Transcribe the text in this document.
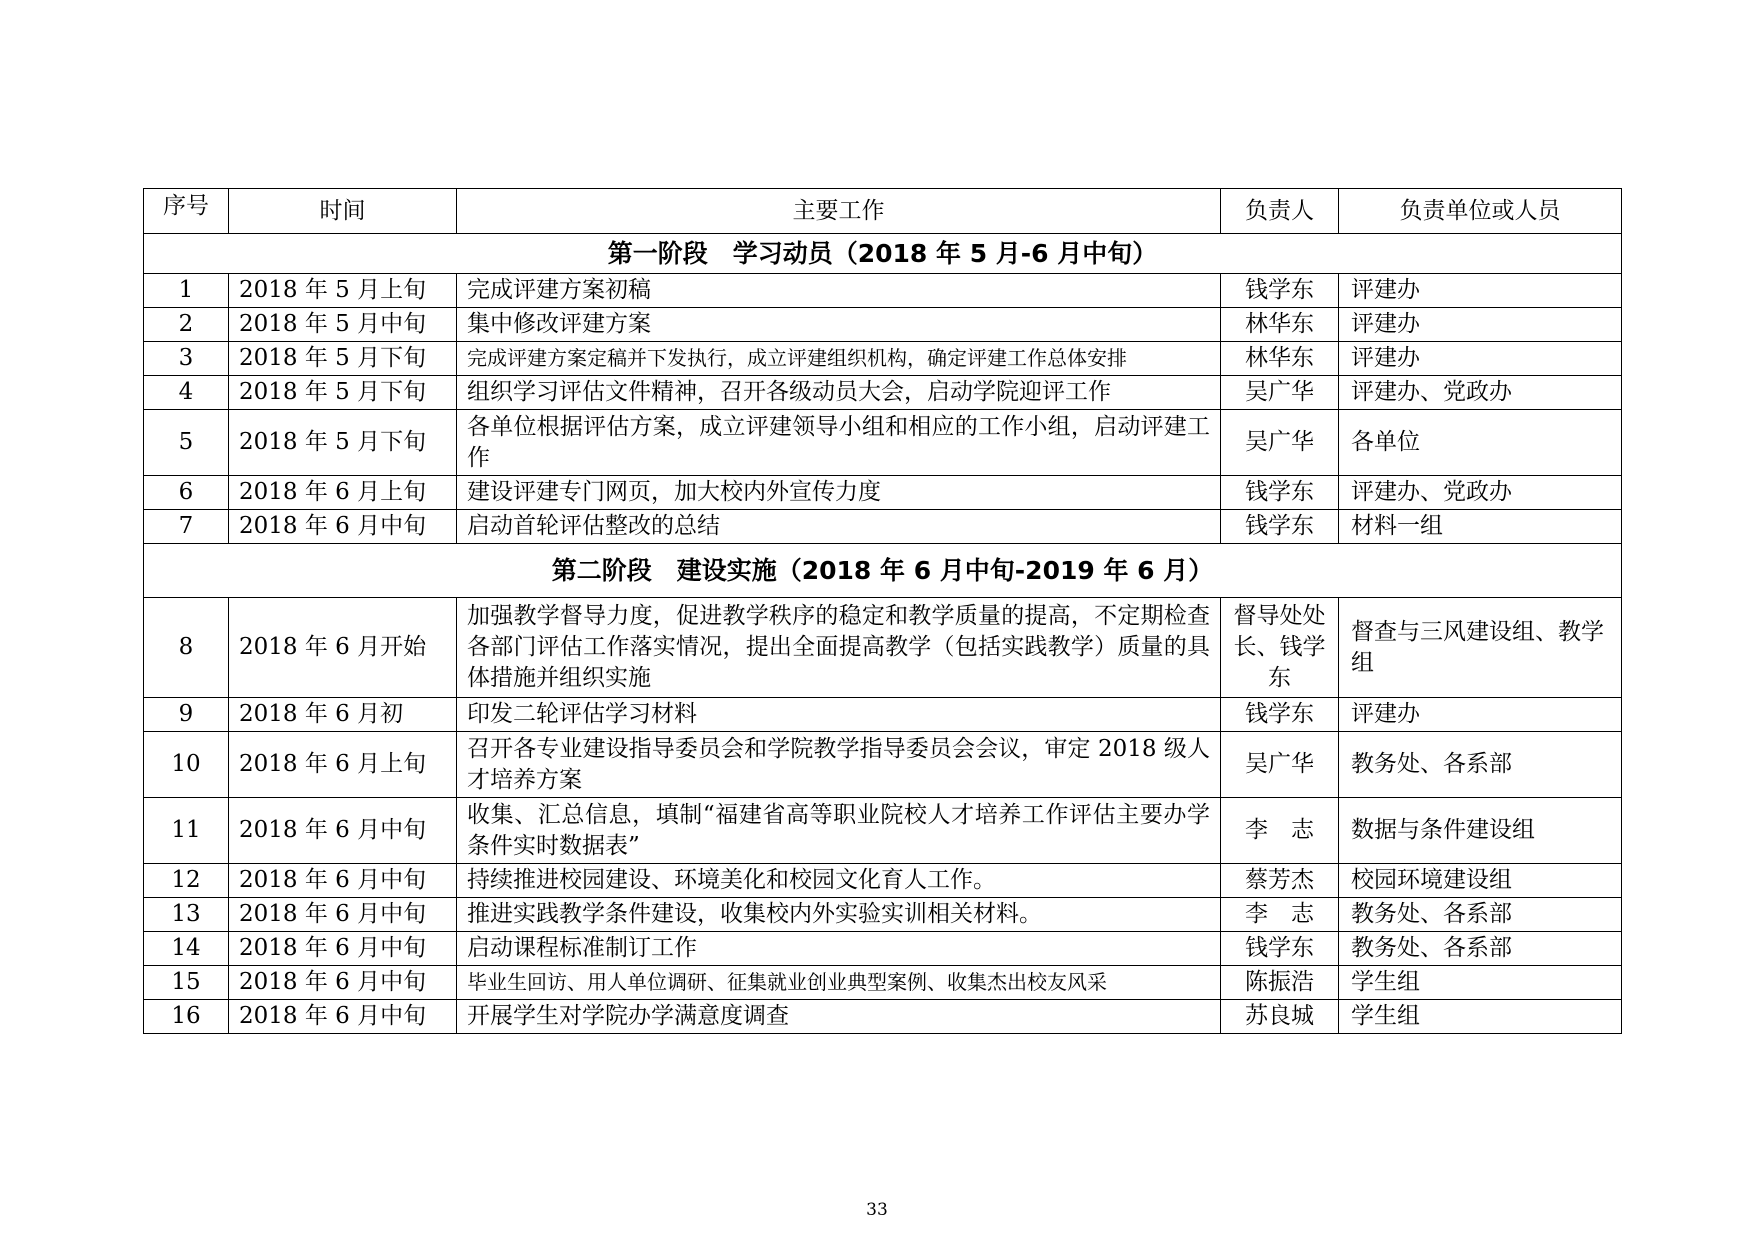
序号	时间	主要工作	负责人	负责单位或人员
第一阶段　学习动员（2018 年 5 月-6 月中旬）				
1	2018 年 5 月上旬	完成评建方案初稿	钱学东	评建办
2	2018 年 5 月中旬	集中修改评建方案	林华东	评建办
3	2018 年 5 月下旬	完成评建方案定稿并下发执行，成立评建组织机构，确定评建工作总体安排	林华东	评建办
4	2018 年 5 月下旬	组织学习评估文件精神，召开各级动员大会，启动学院迎评工作	吴广华	评建办、党政办
5	2018 年 5 月下旬	各单位根据评估方案，成立评建领导小组和相应的工作小组，启动评建工作	吴广华	各单位
6	2018 年 6 月上旬	建设评建专门网页，加大校内外宣传力度	钱学东	评建办、党政办
7	2018 年 6 月中旬	启动首轮评估整改的总结	钱学东	材料一组
第二阶段　建设实施（2018 年 6 月中旬-2019 年 6 月）				
8	2018 年 6 月开始	加强教学督导力度，促进教学秩序的稳定和教学质量的提高，不定期检查各部门评估工作落实情况，提出全面提高教学（包括实践教学）质量的具体措施并组织实施	督导处处长、钱学东	督查与三风建设组、教学组
9	2018 年 6 月初	印发二轮评估学习材料	钱学东	评建办
10	2018 年 6 月上旬	召开各专业建设指导委员会和学院教学指导委员会会议，审定 2018 级人才培养方案	吴广华	教务处、各系部
11	2018 年 6 月中旬	收集、汇总信息，填制“福建省高等职业院校人才培养工作评估主要办学条件实时数据表”	李　志	数据与条件建设组
12	2018 年 6 月中旬	持续推进校园建设、环境美化和校园文化育人工作。	蔡芳杰	校园环境建设组
13	2018 年 6 月中旬	推进实践教学条件建设，收集校内外实验实训相关材料。	李　志	教务处、各系部
14	2018 年 6 月中旬	启动课程标准制订工作	钱学东	教务处、各系部
15	2018 年 6 月中旬	毕业生回访、用人单位调研、征集就业创业典型案例、收集杰出校友风采	陈振浩	学生组
16	2018 年 6 月中旬	开展学生对学院办学满意度调查	苏良城	学生组
33
